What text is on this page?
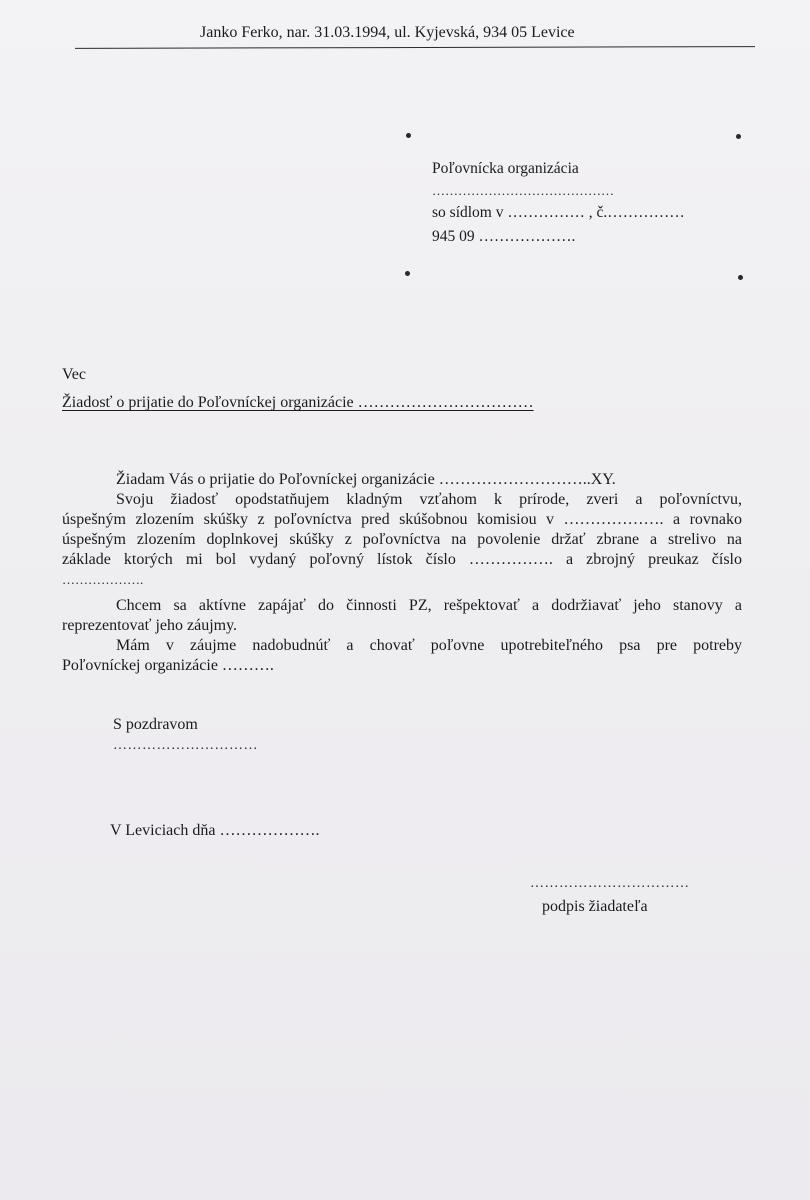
Janko Ferko, nar. 31.03.1994, ul. Kyjevská, 934 05 Levice
Poľovnícka organizácia
……………………………………
so sídlom v …………… , č.……………
945 09 ……………….
Vec
Žiadosť o prijatie do Poľovníckej organizácie ……………………………

Žiadam Vás o prijatie do Poľovníckej organizácie ………………………..XY.

Svoju žiadosť opodstatňujem kladným vzťahom k prírode, zveri a poľovníctvu,

úspešným zlozením skúšky z poľovníctva pred skúšobnou komisiou v ………………. a rovnako

úspešným zlozením doplnkovej skúšky z poľovníctva na povolenie držať zbrane a strelivo na

základe ktorých mi bol vydaný poľovný lístok číslo ……………. a zbrojný preukaz číslo

……………….

Chcem sa aktívne zapájať do činnosti PZ, rešpektovať a dodržiavať jeho stanovy a

reprezentovať jeho záujmy.

Mám v záujme nadobudnúť a chovať poľovne upotrebiteľného psa pre potreby

Poľovníckej organizácie ……….

S pozdravom
…………………………
V Leviciach dňa ……………….
……………………………
podpis žiadateľa
